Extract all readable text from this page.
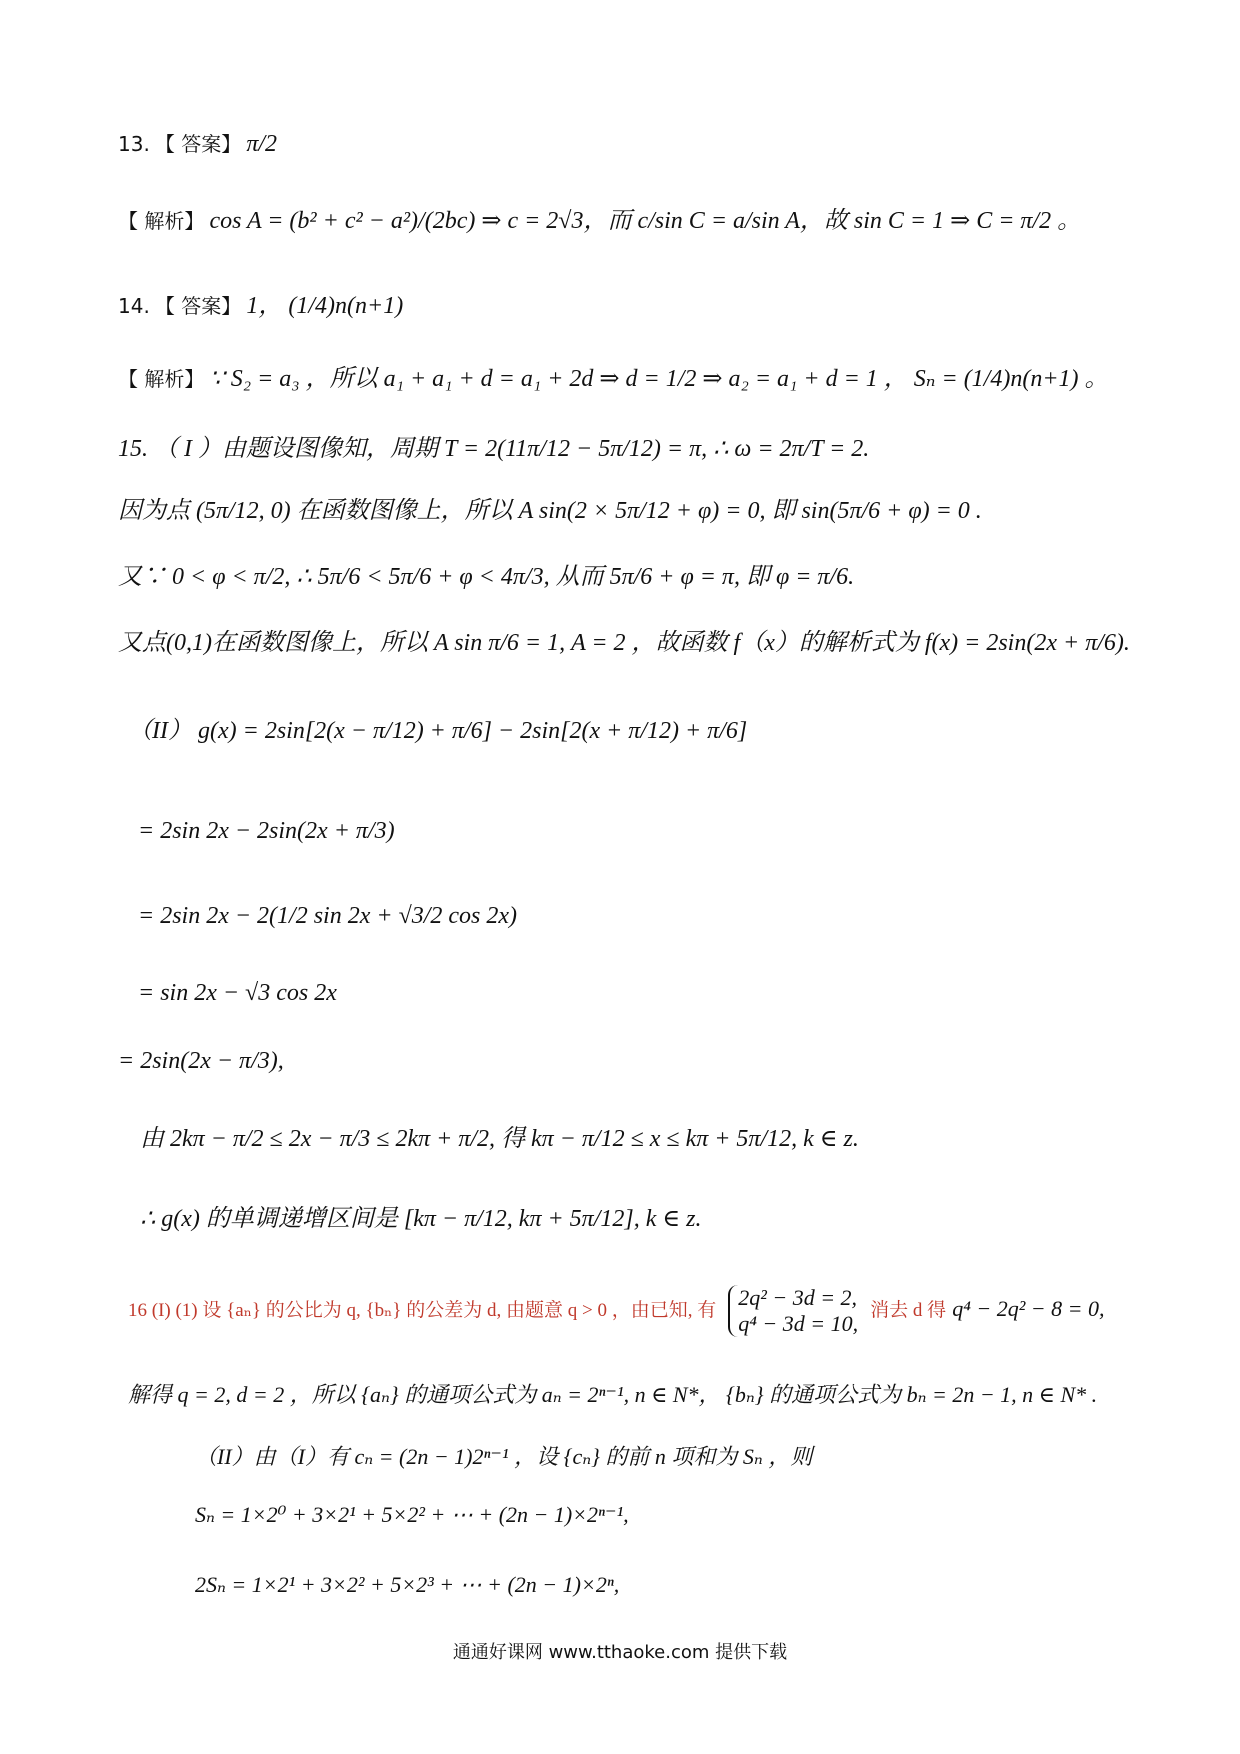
13. 【 答案】 π/2
【 解析】 cos A = (b² + c² − a²)/(2bc) ⇒ c = 2√3，而 c/sin C = a/sin A，故 sin C = 1 ⇒ C = π/2 。
14. 【 答案】 1， (1/4)n(n+1)
【 解析】 ∵ S₂ = a₃ ，所以 a₁ + a₁ + d = a₁ + 2d ⇒ d = 1/2 ⇒ a₂ = a₁ + d = 1 ， Sₙ = (1/4)n(n+1) 。
15. （ I ）由题设图像知，周期 T = 2(11π/12 − 5π/12) = π, ∴ ω = 2π/T = 2.
因为点 (5π/12, 0) 在函数图像上，所以 A sin(2 × 5π/12 + φ) = 0, 即 sin(5π/6 + φ) = 0 .
又∵ 0 < φ < π/2, ∴ 5π/6 < 5π/6 + φ < 4π/3, 从而 5π/6 + φ = π, 即 φ = π/6.
又点(0,1)在函数图像上，所以 A sin π/6 = 1, A = 2 ，故函数 f（x）的解析式为 f(x) = 2sin(2x + π/6).
（II） g(x) = 2sin[2(x − π/12) + π/6] − 2sin[2(x + π/12) + π/6]
= 2sin 2x − 2sin(2x + π/3)
= 2sin 2x − 2(1/2 sin 2x + √3/2 cos 2x)
= sin 2x − √3 cos 2x
= 2sin(2x − π/3),
由 2kπ − π/2 ≤ 2x − π/3 ≤ 2kπ + π/2, 得 kπ − π/12 ≤ x ≤ kπ + 5π/12, k ∈ z.
∴ g(x) 的单调递增区间是 [kπ − π/12, kπ + 5π/12], k ∈ z.
16 (I) (1) 设 {aₙ} 的公比为 q, {bₙ} 的公差为 d, 由题意 q > 0 ，由已知, 有
2q² − 3d = 2,
q⁴ − 3d = 10,
消去 d 得 q⁴ − 2q² − 8 = 0,
解得 q = 2, d = 2 ，所以 {aₙ} 的通项公式为 aₙ = 2ⁿ⁻¹, n ∈ N*， {bₙ} 的通项公式为 bₙ = 2n − 1, n ∈ N* .
（II）由（I）有 cₙ = (2n − 1)2ⁿ⁻¹ ，设 {cₙ} 的前 n 项和为 Sₙ ，则
Sₙ = 1×2⁰ + 3×2¹ + 5×2² + ⋯ + (2n − 1)×2ⁿ⁻¹,
2Sₙ = 1×2¹ + 3×2² + 5×2³ + ⋯ + (2n − 1)×2ⁿ,
通通好课网 www.tthaoke.com 提供下载
